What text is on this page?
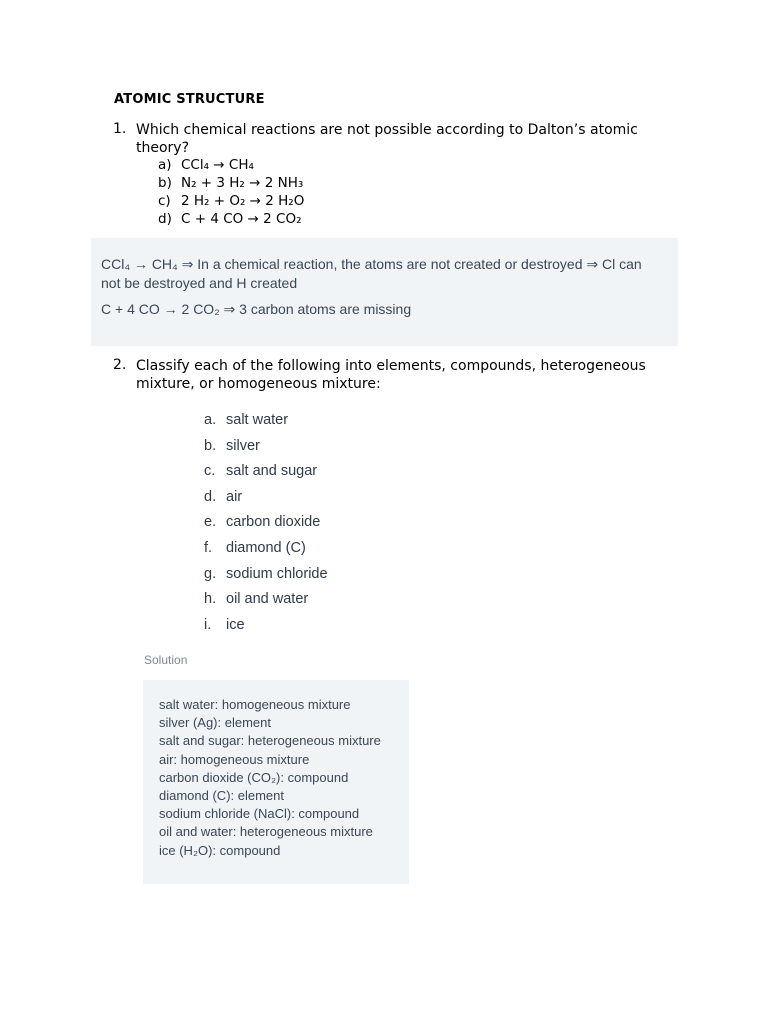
ATOMIC STRUCTURE
1. Which chemical reactions are not possible according to Dalton’s atomic
theory?
a) CCl₄ → CH₄
b) N₂ + 3 H₂ → 2 NH₃
c) 2 H₂ + O₂ → 2 H₂O
d) C + 4 CO → 2 CO₂
CCl₄ → CH₄ ⇒ In a chemical reaction, the atoms are not created or destroyed ⇒ Cl can
not be destroyed and H created
C + 4 CO → 2 CO₂ ⇒ 3 carbon atoms are missing
2. Classify each of the following into elements, compounds, heterogeneous
mixture, or homogeneous mixture:
a. salt water
b. silver
c. salt and sugar
d. air
e. carbon dioxide
f. diamond (C)
g. sodium chloride
h. oil and water
i. ice
Solution
salt water: homogeneous mixture
silver (Ag): element
salt and sugar: heterogeneous mixture
air: homogeneous mixture
carbon dioxide (CO₂): compound
diamond (C): element
sodium chloride (NaCl): compound
oil and water: heterogeneous mixture
ice (H₂O): compound
